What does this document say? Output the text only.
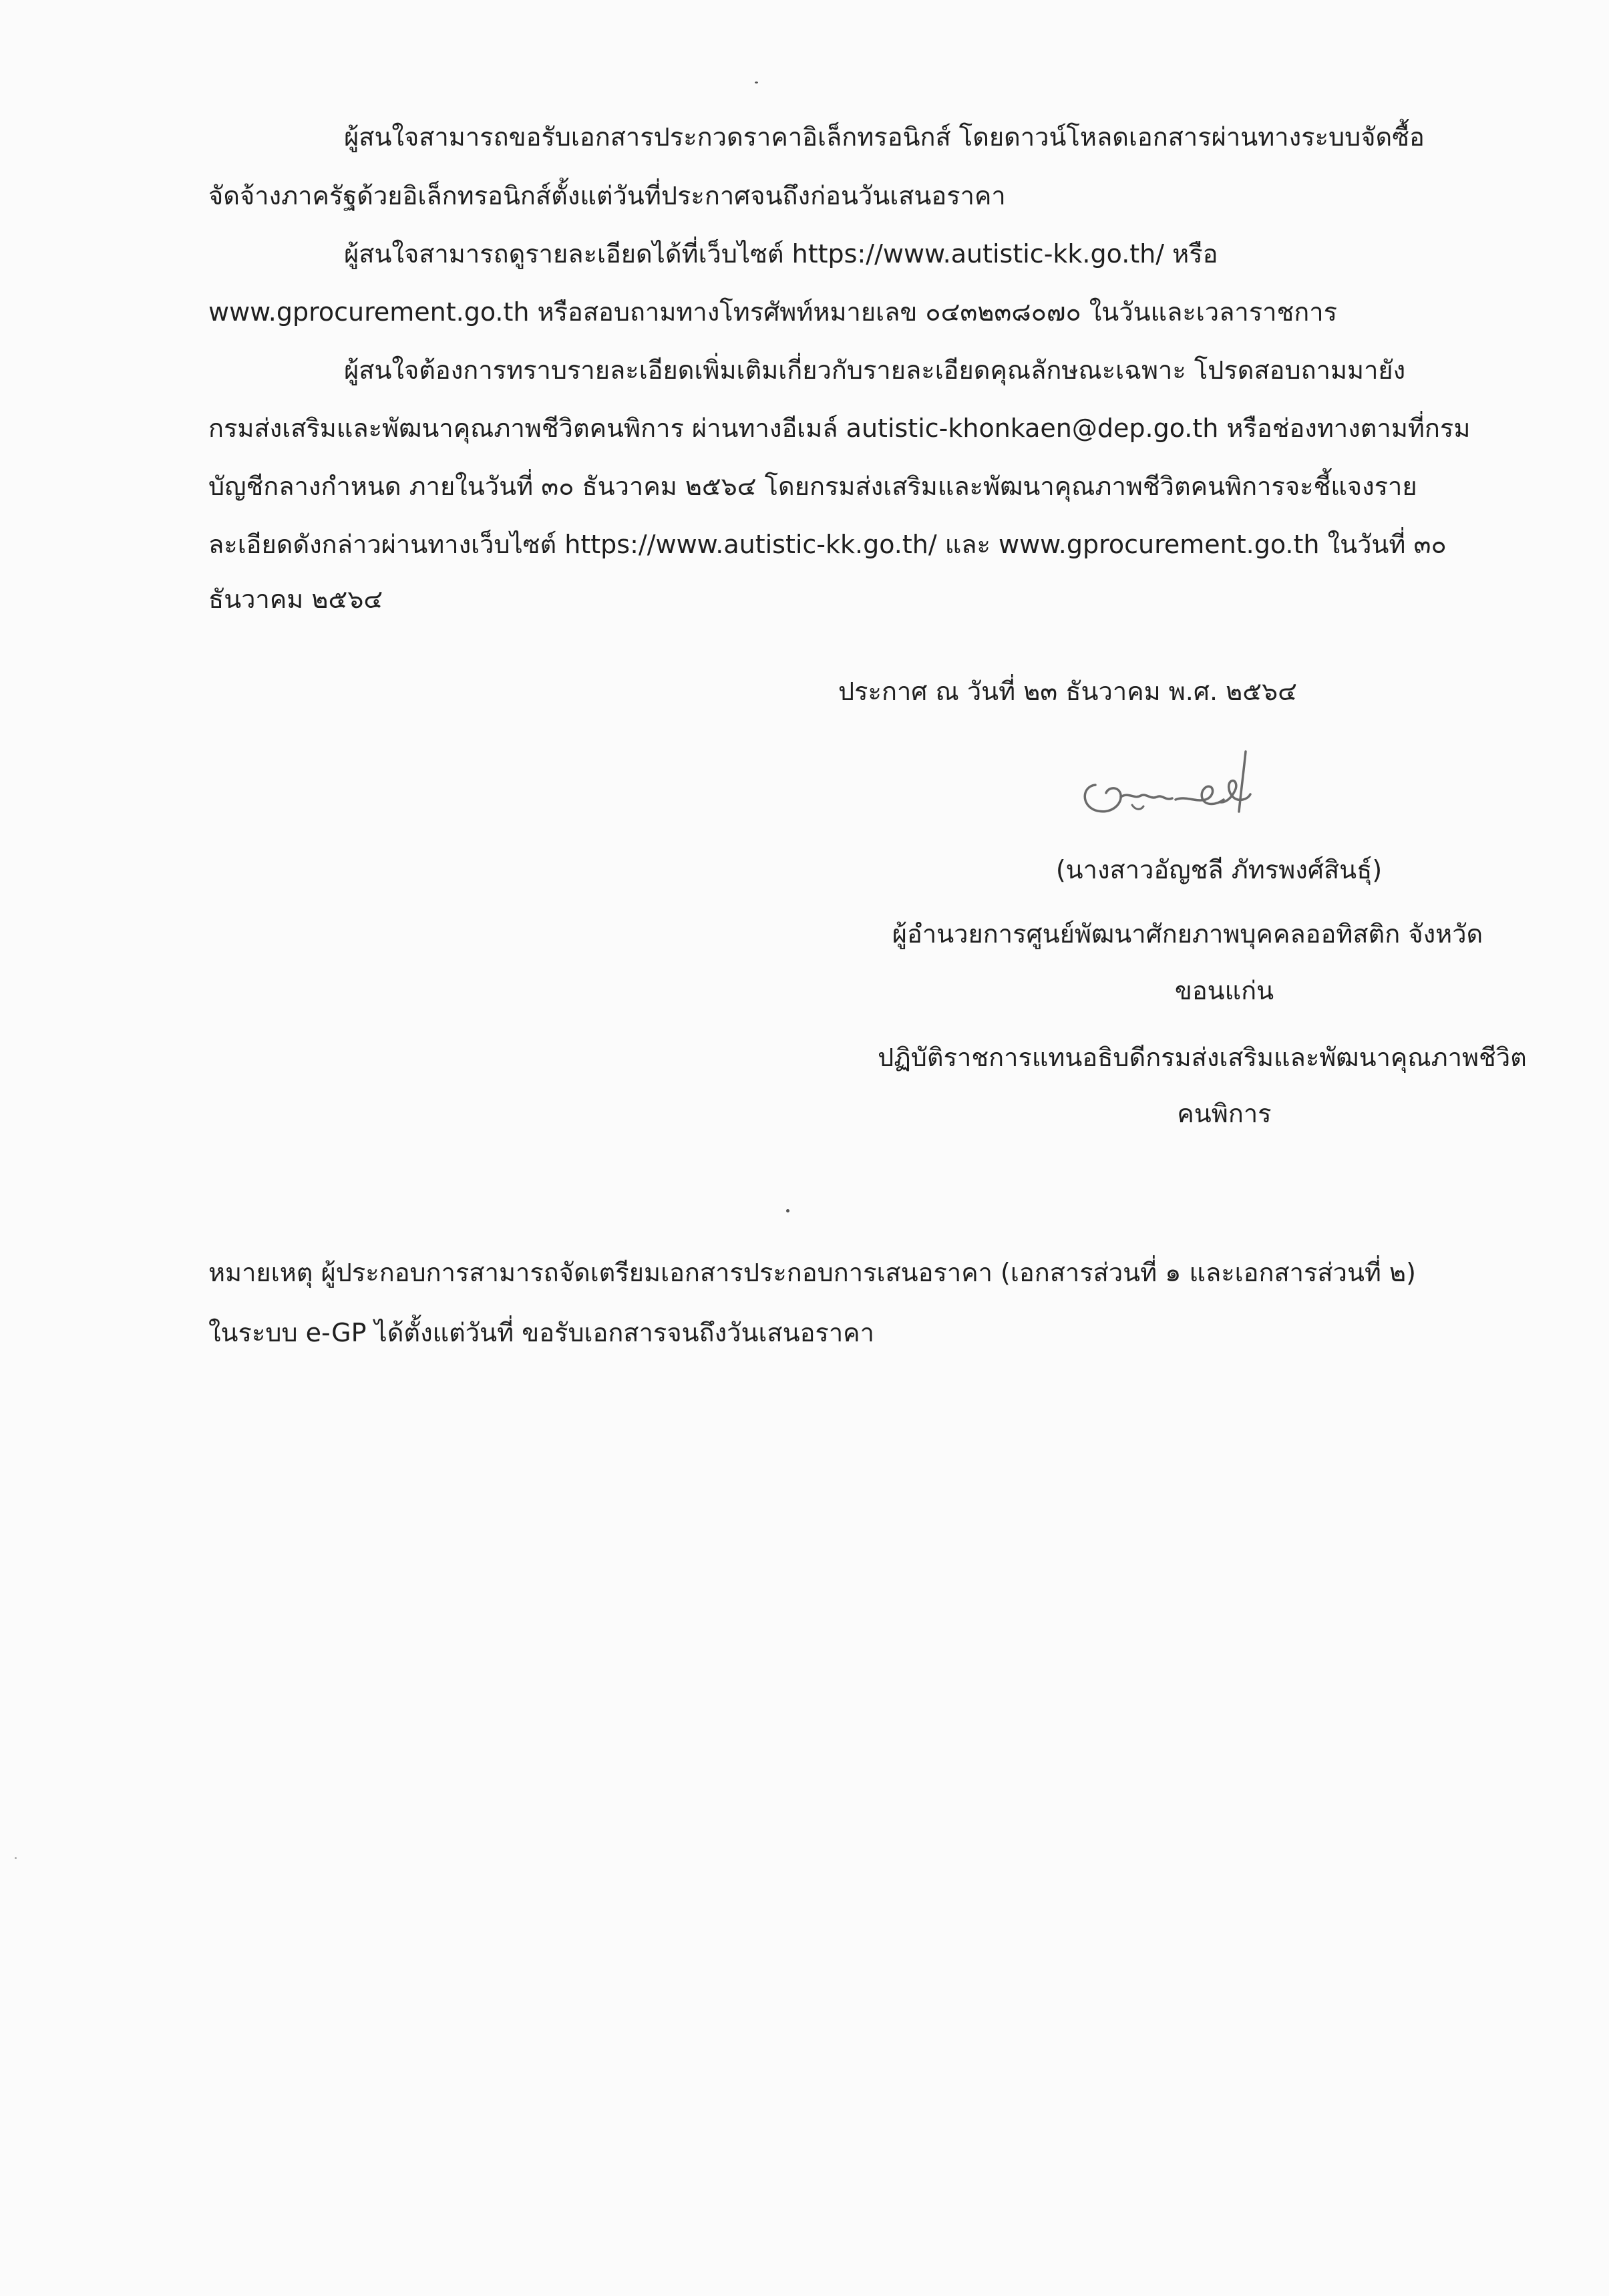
ผู้สนใจสามารถขอรับเอกสารประกวดราคาอิเล็กทรอนิกส์ โดยดาวน์โหลดเอกสารผ่านทางระบบจัดซื้อ
จัดจ้างภาครัฐด้วยอิเล็กทรอนิกส์ตั้งแต่วันที่ประกาศจนถึงก่อนวันเสนอราคา
ผู้สนใจสามารถดูรายละเอียดได้ที่เว็บไซต์ https://www.autistic-kk.go.th/ หรือ
www.gprocurement.go.th หรือสอบถามทางโทรศัพท์หมายเลข ๐๔๓๒๓๘๐๗๐ ในวันและเวลาราชการ
ผู้สนใจต้องการทราบรายละเอียดเพิ่มเติมเกี่ยวกับรายละเอียดคุณลักษณะเฉพาะ โปรดสอบถามมายัง
กรมส่งเสริมและพัฒนาคุณภาพชีวิตคนพิการ ผ่านทางอีเมล์ autistic-khonkaen@dep.go.th หรือช่องทางตามที่กรม
บัญชีกลางกำหนด ภายในวันที่ ๓๐ ธันวาคม ๒๕๖๔ โดยกรมส่งเสริมและพัฒนาคุณภาพชีวิตคนพิการจะชี้แจงราย
ละเอียดดังกล่าวผ่านทางเว็บไซต์ https://www.autistic-kk.go.th/ และ www.gprocurement.go.th ในวันที่ ๓๐
ธันวาคม ๒๕๖๔
ประกาศ ณ วันที่ ๒๓ ธันวาคม พ.ศ. ๒๕๖๔
(นางสาวอัญชลี ภัทรพงศ์สินธุ์)
ผู้อำนวยการศูนย์พัฒนาศักยภาพบุคคลออทิสติก จังหวัด
ขอนแก่น
ปฏิบัติราชการแทนอธิบดีกรมส่งเสริมและพัฒนาคุณภาพชีวิต
คนพิการ
หมายเหตุ ผู้ประกอบการสามารถจัดเตรียมเอกสารประกอบการเสนอราคา (เอกสารส่วนที่ ๑ และเอกสารส่วนที่ ๒)
ในระบบ e-GP ได้ตั้งแต่วันที่ ขอรับเอกสารจนถึงวันเสนอราคา
